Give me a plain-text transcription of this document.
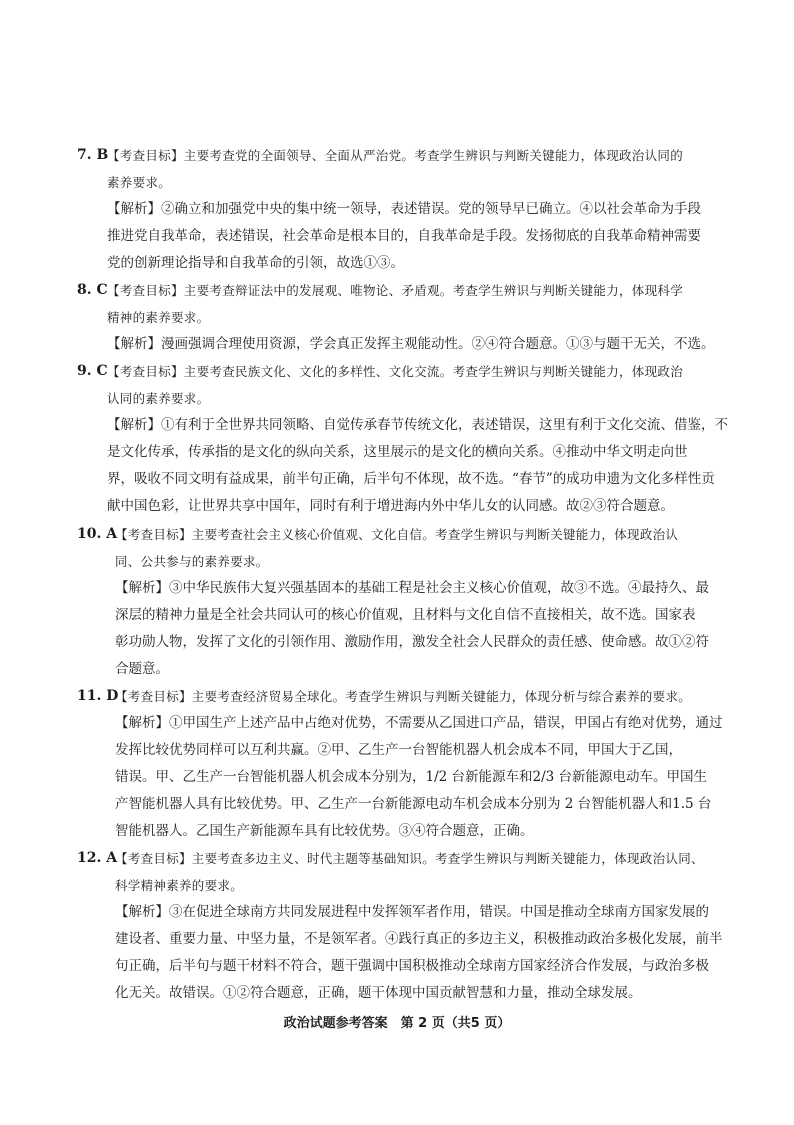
7. B
【考查目标】主要考查党的全面领导、全面从严治党。考查学生辨识与判断关键能力，体现政治认同的
素养要求。
【解析】②确立和加强党中央的集中统一领导，表述错误。党的领导早已确立。④以社会革命为手段
推进党自我革命，表述错误，社会革命是根本目的，自我革命是手段。发扬彻底的自我革命精神需要
党的创新理论指导和自我革命的引领，故选①③。
8. C 【考查目标】主要考查辩证法中的发展观、唯物论、矛盾观。考查学生辨识与判断关键能力，体现科学
精神的素养要求。
【解析】漫画强调合理使用资源，学会真正发挥主观能动性。②④符合题意。①③与题干无关，不选。
9. C 【考查目标】主要考查民族文化、文化的多样性、文化交流。考查学生辨识与判断关键能力，体现政治
认同的素养要求。
【解析】①有利于全世界共同领略、自觉传承春节传统文化，表述错误，这里有利于文化交流、借鉴，不
是文化传承，传承指的是文化的纵向关系，这里展示的是文化的横向关系。④推动中华文明走向世
界，吸收不同文明有益成果，前半句正确，后半句不体现，故不选。“春节”的成功申遗为文化多样性贡
献中国色彩，让世界共享中国年，同时有利于增进海内外中华儿女的认同感。故②③符合题意。
10. A
【考查目标】主要考查社会主义核心价值观、文化自信。考查学生辨识与判断关键能力，体现政治认
同、公共参与的素养要求。
【解析】③中华民族伟大复兴强基固本的基础工程是社会主义核心价值观，故③不选。④最持久、最
深层的精神力量是全社会共同认可的核心价值观，且材料与文化自信不直接相关，故不选。国家表
彰功勋人物，发挥了文化的引领作用、激励作用，激发全社会人民群众的责任感、使命感。故①②符
合题意。
11. D
【考查目标】主要考查经济贸易全球化。考查学生辨识与判断关键能力，体现分析与综合素养的要求。
【解析】①甲国生产上述产品中占绝对优势，不需要从乙国进口产品，错误，甲国占有绝对优势，通过
发挥比较优势同样可以互利共赢。②甲、乙生产一台智能机器人机会成本不同，甲国大于乙国，
错误。甲、乙生产一台智能机器人机会成本分别为，1/2 台新能源车和2/3 台新能源电动车。甲国生
产智能机器人具有比较优势。甲、乙生产一台新能源电动车机会成本分别为 2 台智能机器人和1.5 台
智能机器人。乙国生产新能源车具有比较优势。③④符合题意，正确。
12. A
【考查目标】主要考查多边主义、时代主题等基础知识。考查学生辨识与判断关键能力，体现政治认同、
科学精神素养的要求。
【解析】③在促进全球南方共同发展进程中发挥领军者作用，错误。中国是推动全球南方国家发展的
建设者、重要力量、中坚力量，不是领军者。④践行真正的多边主义，积极推动政治多极化发展，前半
句正确，后半句与题干材料不符合，题干强调中国积极推动全球南方国家经济合作发展，与政治多极
化无关。故错误。①②符合题意，正确，题干体现中国贡献智慧和力量，推动全球发展。
政治试题参考答案　第 2 页（共5 页）
